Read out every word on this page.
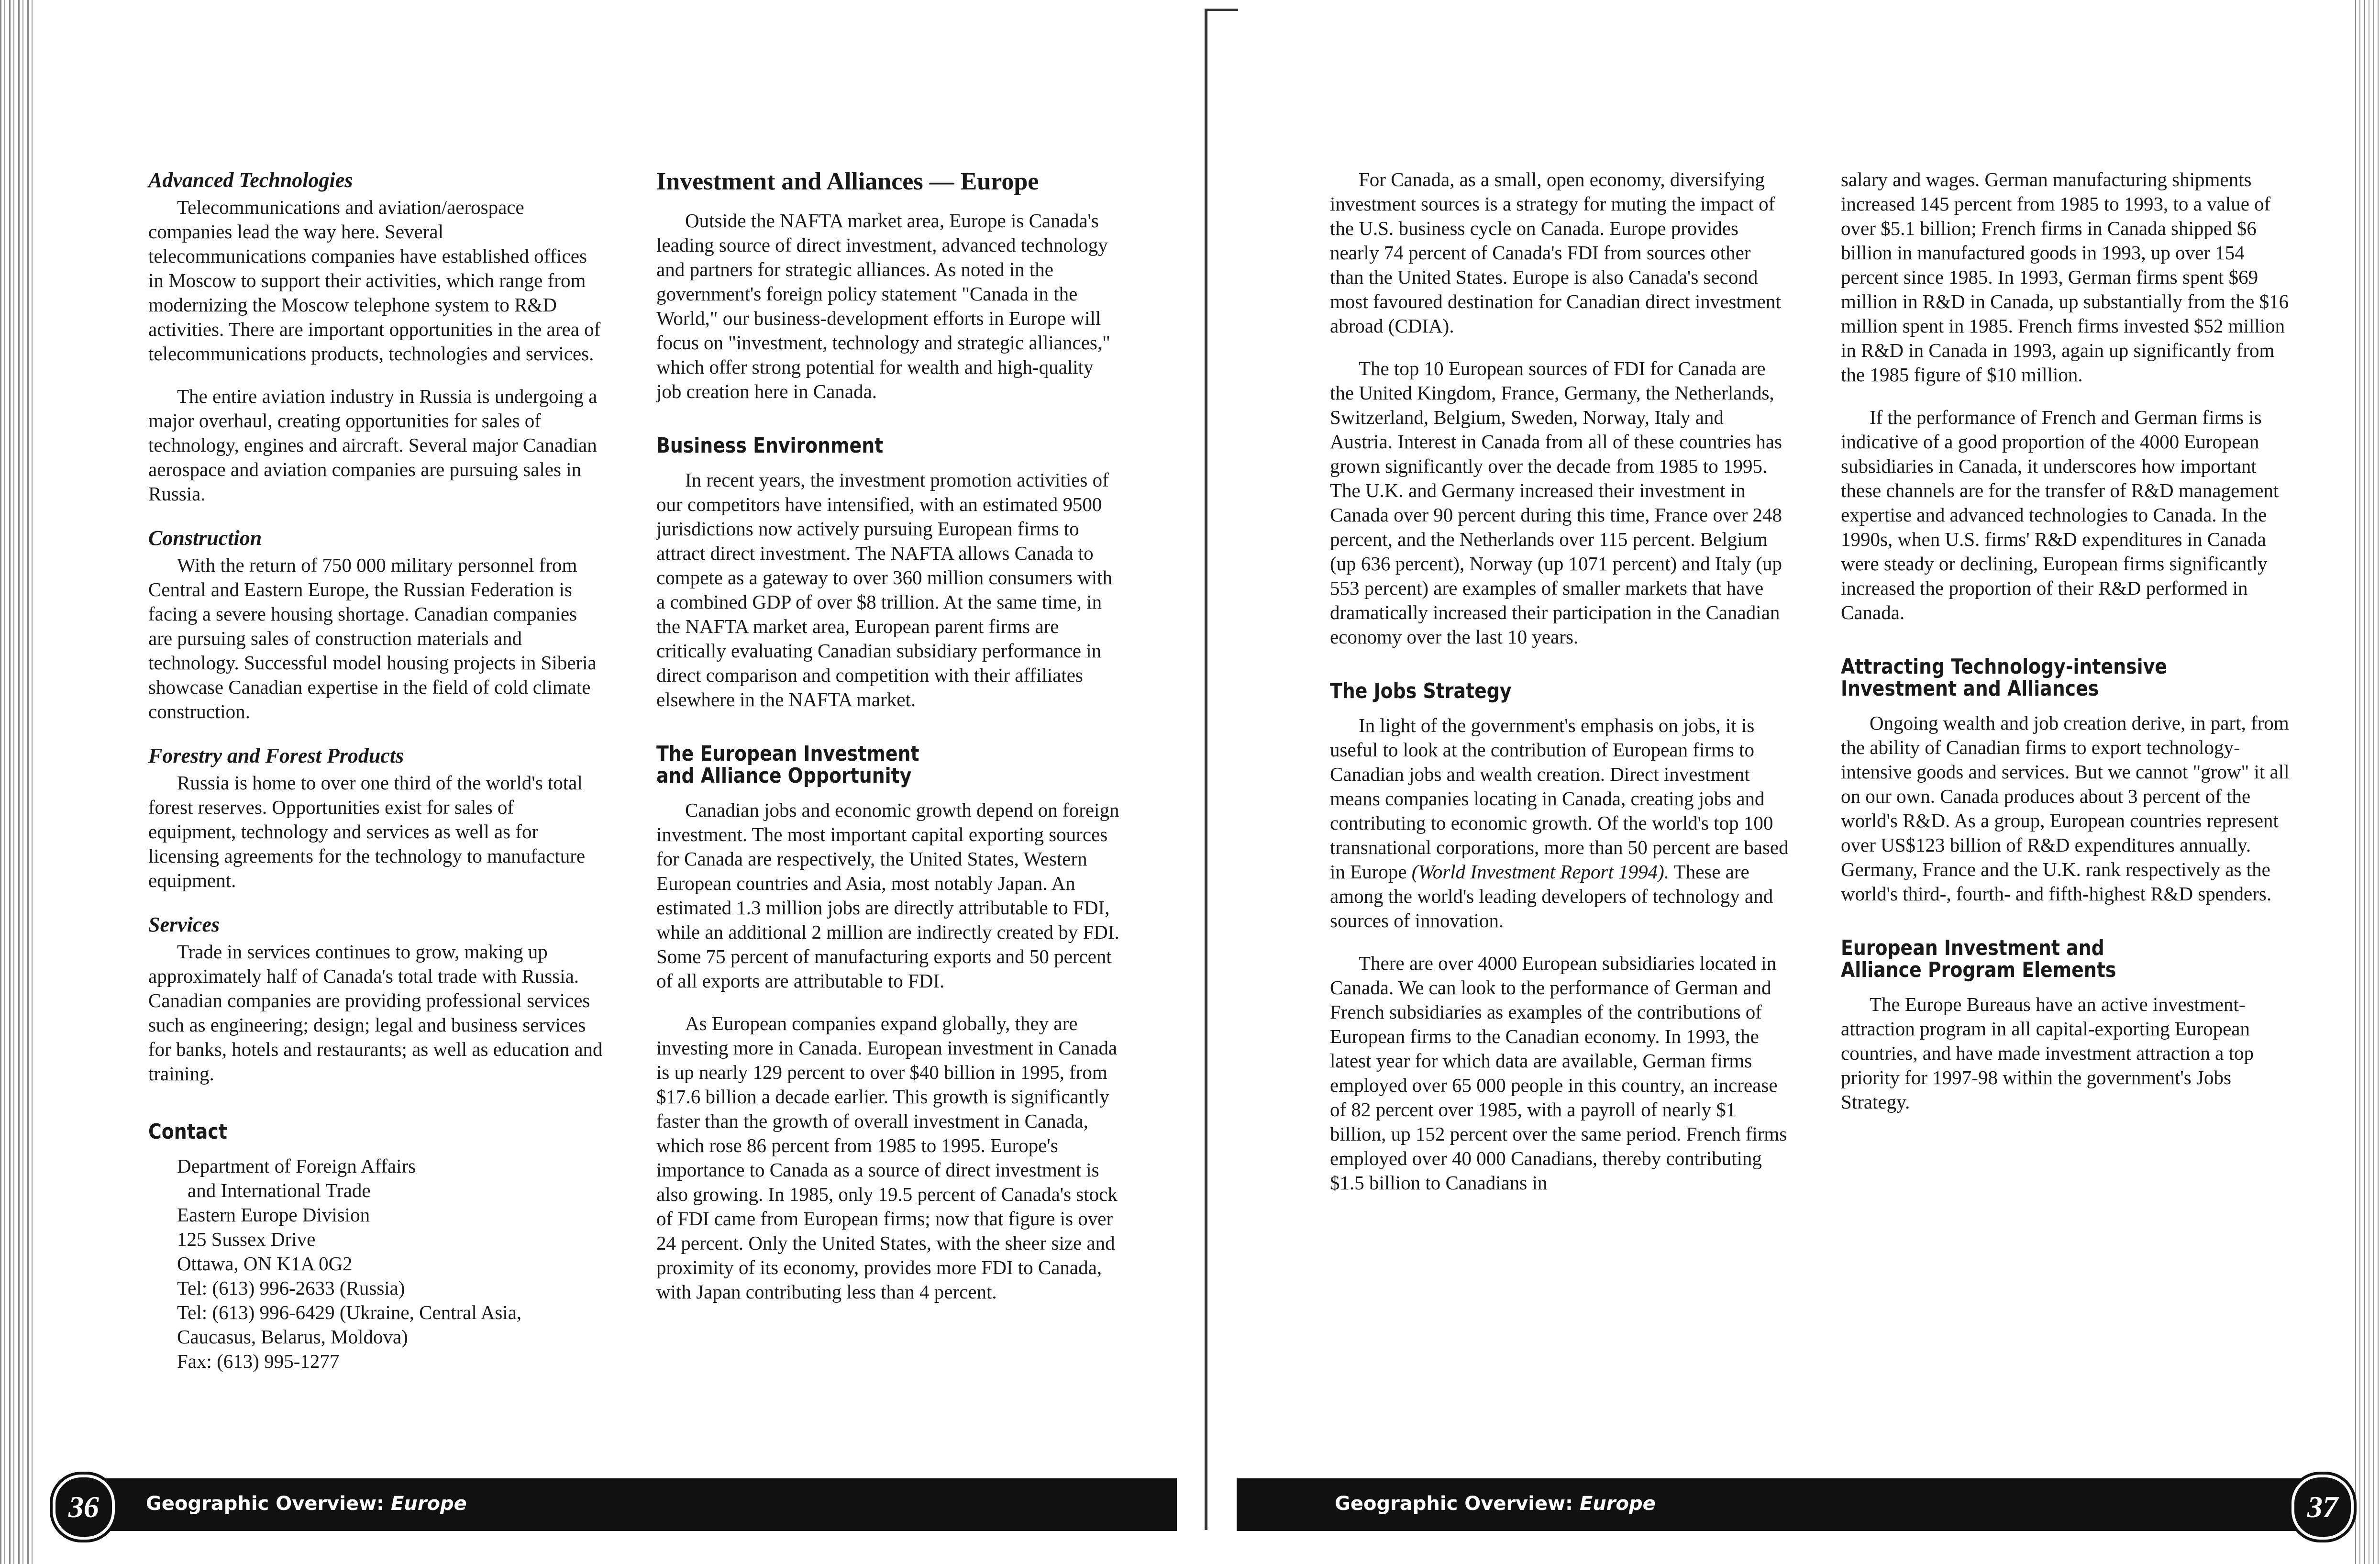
Advanced Technologies

Telecommunications and aviation/aerospace companies lead the way here. Several telecommunications companies have established offices in Moscow to support their activities, which range from modernizing the Moscow telephone system to R&D activities. There are important opportunities in the area of telecommunications products, technologies and services.

The entire aviation industry in Russia is undergoing a major overhaul, creating opportunities for sales of technology, engines and aircraft. Several major Canadian aerospace and aviation companies are pursuing sales in Russia.

Construction

With the return of 750 000 military personnel from Central and Eastern Europe, the Russian Federation is facing a severe housing shortage. Canadian companies are pursuing sales of construction materials and technology. Successful model housing projects in Siberia showcase Canadian expertise in the field of cold climate construction.

Forestry and Forest Products

Russia is home to over one third of the world's total forest reserves. Opportunities exist for sales of equipment, technology and services as well as for licensing agreements for the technology to manufacture equipment.

Services

Trade in services continues to grow, making up approximately half of Canada's total trade with Russia. Canadian companies are providing professional services such as engineering; design; legal and business services for banks, hotels and restaurants; as well as education and training.

Contact
Department of Foreign Affairs
and International Trade
Eastern Europe Division
125 Sussex Drive
Ottawa, ON K1A 0G2
Tel: (613) 996-2633 (Russia)
Tel: (613) 996-6429 (Ukraine, Central Asia,
Caucasus, Belarus, Moldova)
Fax: (613) 995-1277
Investment and Alliances — Europe

Outside the NAFTA market area, Europe is Canada's leading source of direct investment, advanced technology and partners for strategic alliances. As noted in the government's foreign policy statement "Canada in the World," our business-development efforts in Europe will focus on "investment, technology and strategic alliances," which offer strong potential for wealth and high-quality job creation here in Canada.

Business Environment

In recent years, the investment promotion activities of our competitors have intensified, with an estimated 9500 jurisdictions now actively pursuing European firms to attract direct investment. The NAFTA allows Canada to compete as a gateway to over 360 million consumers with a combined GDP of over $8 trillion. At the same time, in the NAFTA market area, European parent firms are critically evaluating Canadian subsidiary performance in direct comparison and competition with their affiliates elsewhere in the NAFTA market.

The European Investment
and Alliance Opportunity

Canadian jobs and economic growth depend on foreign investment. The most important capital exporting sources for Canada are respectively, the United States, Western European countries and Asia, most notably Japan. An estimated 1.3 million jobs are directly attributable to FDI, while an additional 2 million are indirectly created by FDI. Some 75 percent of manufacturing exports and 50 percent of all exports are attributable to FDI.

As European companies expand globally, they are investing more in Canada. European investment in Canada is up nearly 129 percent to over $40 billion in 1995, from $17.6 billion a decade earlier. This growth is significantly faster than the growth of overall investment in Canada, which rose 86 percent from 1985 to 1995. Europe's importance to Canada as a source of direct investment is also growing. In 1985, only 19.5 percent of Canada's stock of FDI came from European firms; now that figure is over 24 percent. Only the United States, with the sheer size and proximity of its economy, provides more FDI to Canada, with Japan contributing less than 4 percent.

For Canada, as a small, open economy, diversifying investment sources is a strategy for muting the impact of the U.S. business cycle on Canada. Europe provides nearly 74 percent of Canada's FDI from sources other than the United States. Europe is also Canada's second most favoured destination for Canadian direct investment abroad (CDIA).

The top 10 European sources of FDI for Canada are the United Kingdom, France, Germany, the Netherlands, Switzerland, Belgium, Sweden, Norway, Italy and Austria. Interest in Canada from all of these countries has grown significantly over the decade from 1985 to 1995. The U.K. and Germany increased their investment in Canada over 90 percent during this time, France over 248 percent, and the Netherlands over 115 percent. Belgium (up 636 percent), Norway (up 1071 percent) and Italy (up 553 percent) are examples of smaller markets that have dramatically increased their participation in the Canadian economy over the last 10 years.

The Jobs Strategy

In light of the government's emphasis on jobs, it is useful to look at the contribution of European firms to Canadian jobs and wealth creation. Direct investment means companies locating in Canada, creating jobs and contributing to economic growth. Of the world's top 100 transnational corporations, more than 50 percent are based in Europe (World Investment Report 1994). These are among the world's leading developers of technology and sources of innovation.

There are over 4000 European subsidiaries located in Canada. We can look to the performance of German and French subsidiaries as examples of the contributions of European firms to the Canadian economy. In 1993, the latest year for which data are available, German firms employed over 65 000 people in this country, an increase of 82 percent over 1985, with a payroll of nearly $1 billion, up 152 percent over the same period. French firms employed over 40 000 Canadians, thereby contributing $1.5 billion to Canadians in

salary and wages. German manufacturing shipments increased 145 percent from 1985 to 1993, to a value of over $5.1 billion; French firms in Canada shipped $6 billion in manufactured goods in 1993, up over 154 percent since 1985. In 1993, German firms spent $69 million in R&D in Canada, up substantially from the $16 million spent in 1985. French firms invested $52 million in R&D in Canada in 1993, again up significantly from the 1985 figure of $10 million.

If the performance of French and German firms is indicative of a good proportion of the 4000 European subsidiaries in Canada, it underscores how important these channels are for the transfer of R&D management expertise and advanced technologies to Canada. In the 1990s, when U.S. firms' R&D expenditures in Canada were steady or declining, European firms significantly increased the proportion of their R&D performed in Canada.

Attracting Technology-intensive
Investment and Alliances

Ongoing wealth and job creation derive, in part, from the ability of Canadian firms to export technology-intensive goods and services. But we cannot "grow" it all on our own. Canada produces about 3 percent of the world's R&D. As a group, European countries represent over US$123 billion of R&D expenditures annually. Germany, France and the U.K. rank respectively as the world's third-, fourth- and fifth-highest R&D spenders.

European Investment and
Alliance Program Elements

The Europe Bureaus have an active investment-attraction program in all capital-exporting European countries, and have made investment attraction a top priority for 1997-98 within the government's Jobs Strategy.

Geographic Overview: Europe
36	Geographic Overview: Europe	37
